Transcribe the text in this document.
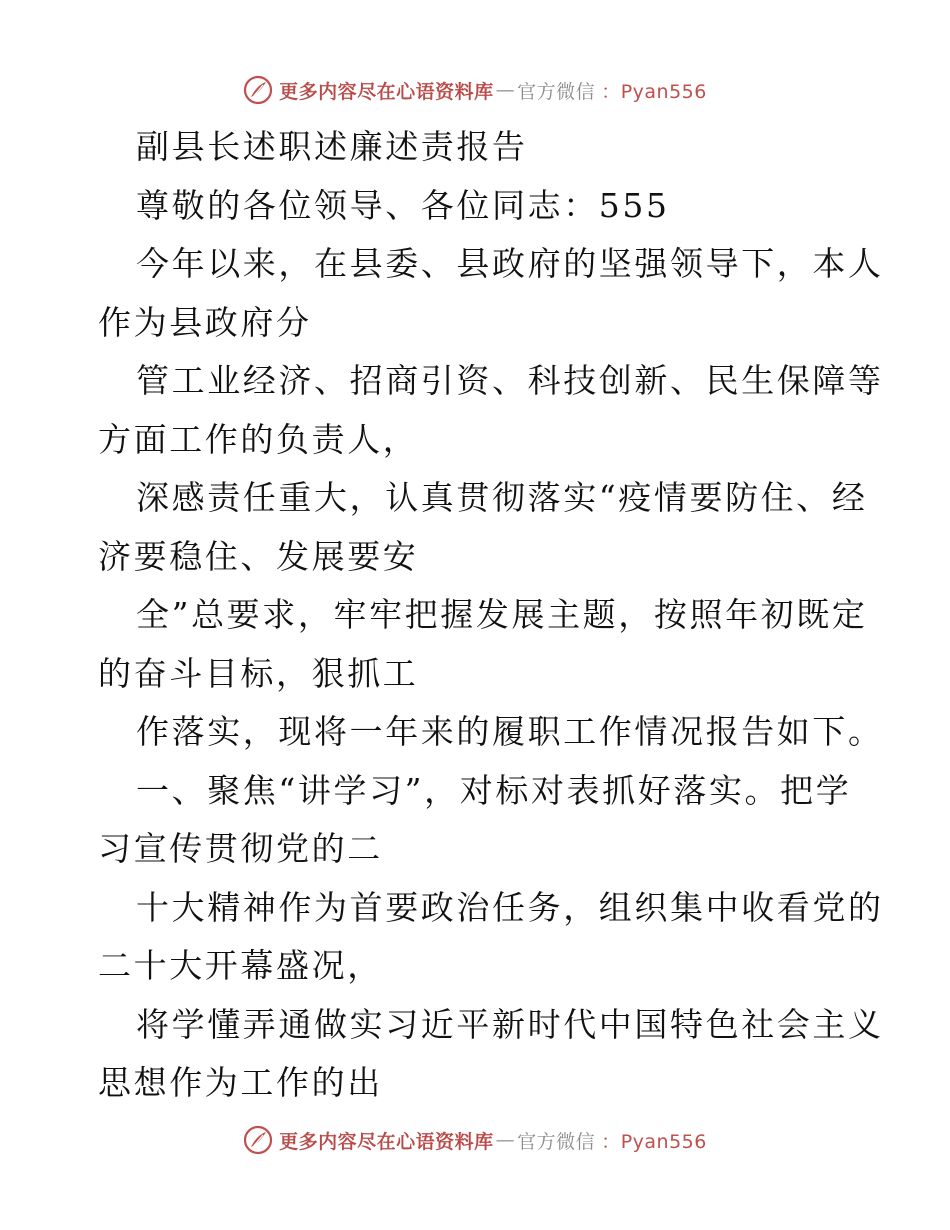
更多内容尽在心语资料库 — 官方微信 ：Pyan556
副县长述职述廉述责报告
尊敬的各位领导、各位同志：555
今年以来，在县委、县政府的坚强领导下，本人
作为县政府分
管工业经济、招商引资、科技创新、民生保障等
方面工作的负责人，
深感责任重大，认真贯彻落实“疫情要防住、经
济要稳住、发展要安
全”总要求，牢牢把握发展主题，按照年初既定
的奋斗目标，狠抓工
作落实，现将一年来的履职工作情况报告如下。
一、聚焦“讲学习”，对标对表抓好落实。把学
习宣传贯彻党的二
十大精神作为首要政治任务，组织集中收看党的
二十大开幕盛况，
将学懂弄通做实习近平新时代中国特色社会主义
思想作为工作的出
更多内容尽在心语资料库 — 官方微信 ：Pyan556
